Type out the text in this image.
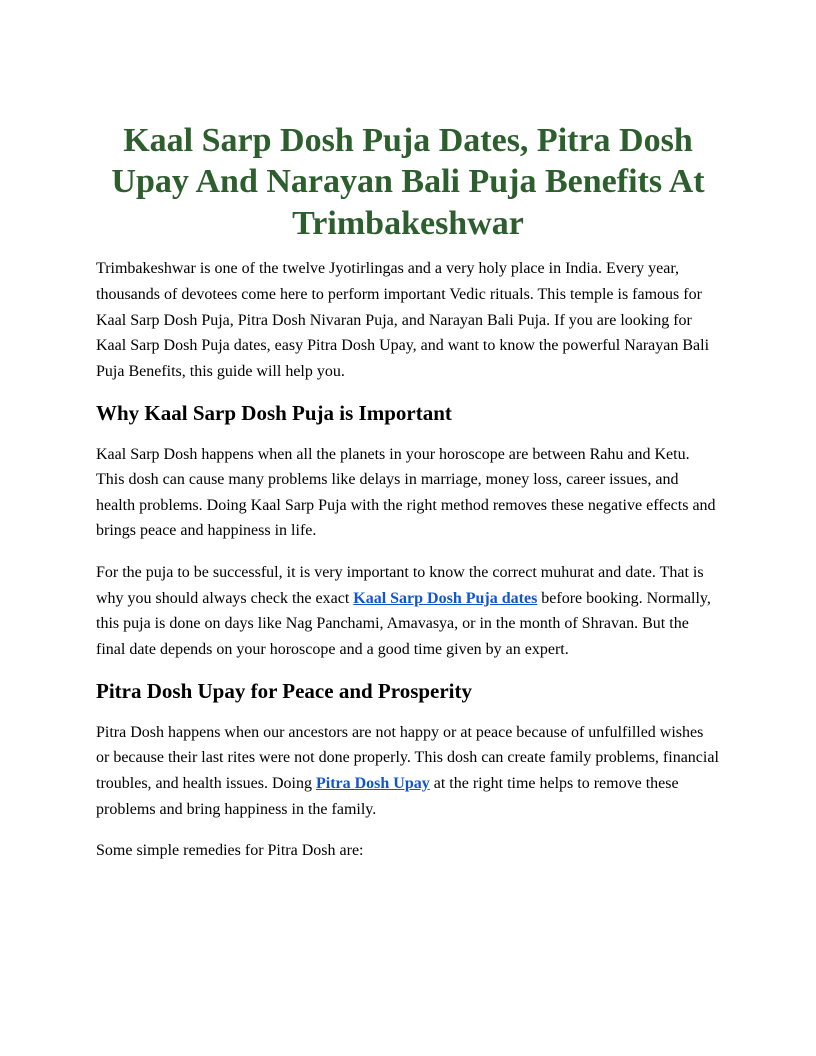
Kaal Sarp Dosh Puja Dates, Pitra Dosh Upay And Narayan Bali Puja Benefits At Trimbakeshwar

Trimbakeshwar is one of the twelve Jyotirlingas and a very holy place in India. Every year, thousands of devotees come here to perform important Vedic rituals. This temple is famous for Kaal Sarp Dosh Puja, Pitra Dosh Nivaran Puja, and Narayan Bali Puja. If you are looking for Kaal Sarp Dosh Puja dates, easy Pitra Dosh Upay, and want to know the powerful Narayan Bali Puja Benefits, this guide will help you.

Why Kaal Sarp Dosh Puja is Important

Kaal Sarp Dosh happens when all the planets in your horoscope are between Rahu and Ketu. This dosh can cause many problems like delays in marriage, money loss, career issues, and health problems. Doing Kaal Sarp Puja with the right method removes these negative effects and brings peace and happiness in life.

For the puja to be successful, it is very important to know the correct muhurat and date. That is why you should always check the exact Kaal Sarp Dosh Puja dates before booking. Normally, this puja is done on days like Nag Panchami, Amavasya, or in the month of Shravan. But the final date depends on your horoscope and a good time given by an expert.

Pitra Dosh Upay for Peace and Prosperity

Pitra Dosh happens when our ancestors are not happy or at peace because of unfulfilled wishes or because their last rites were not done properly. This dosh can create family problems, financial troubles, and health issues. Doing Pitra Dosh Upay at the right time helps to remove these problems and bring happiness in the family.

Some simple remedies for Pitra Dosh are:
